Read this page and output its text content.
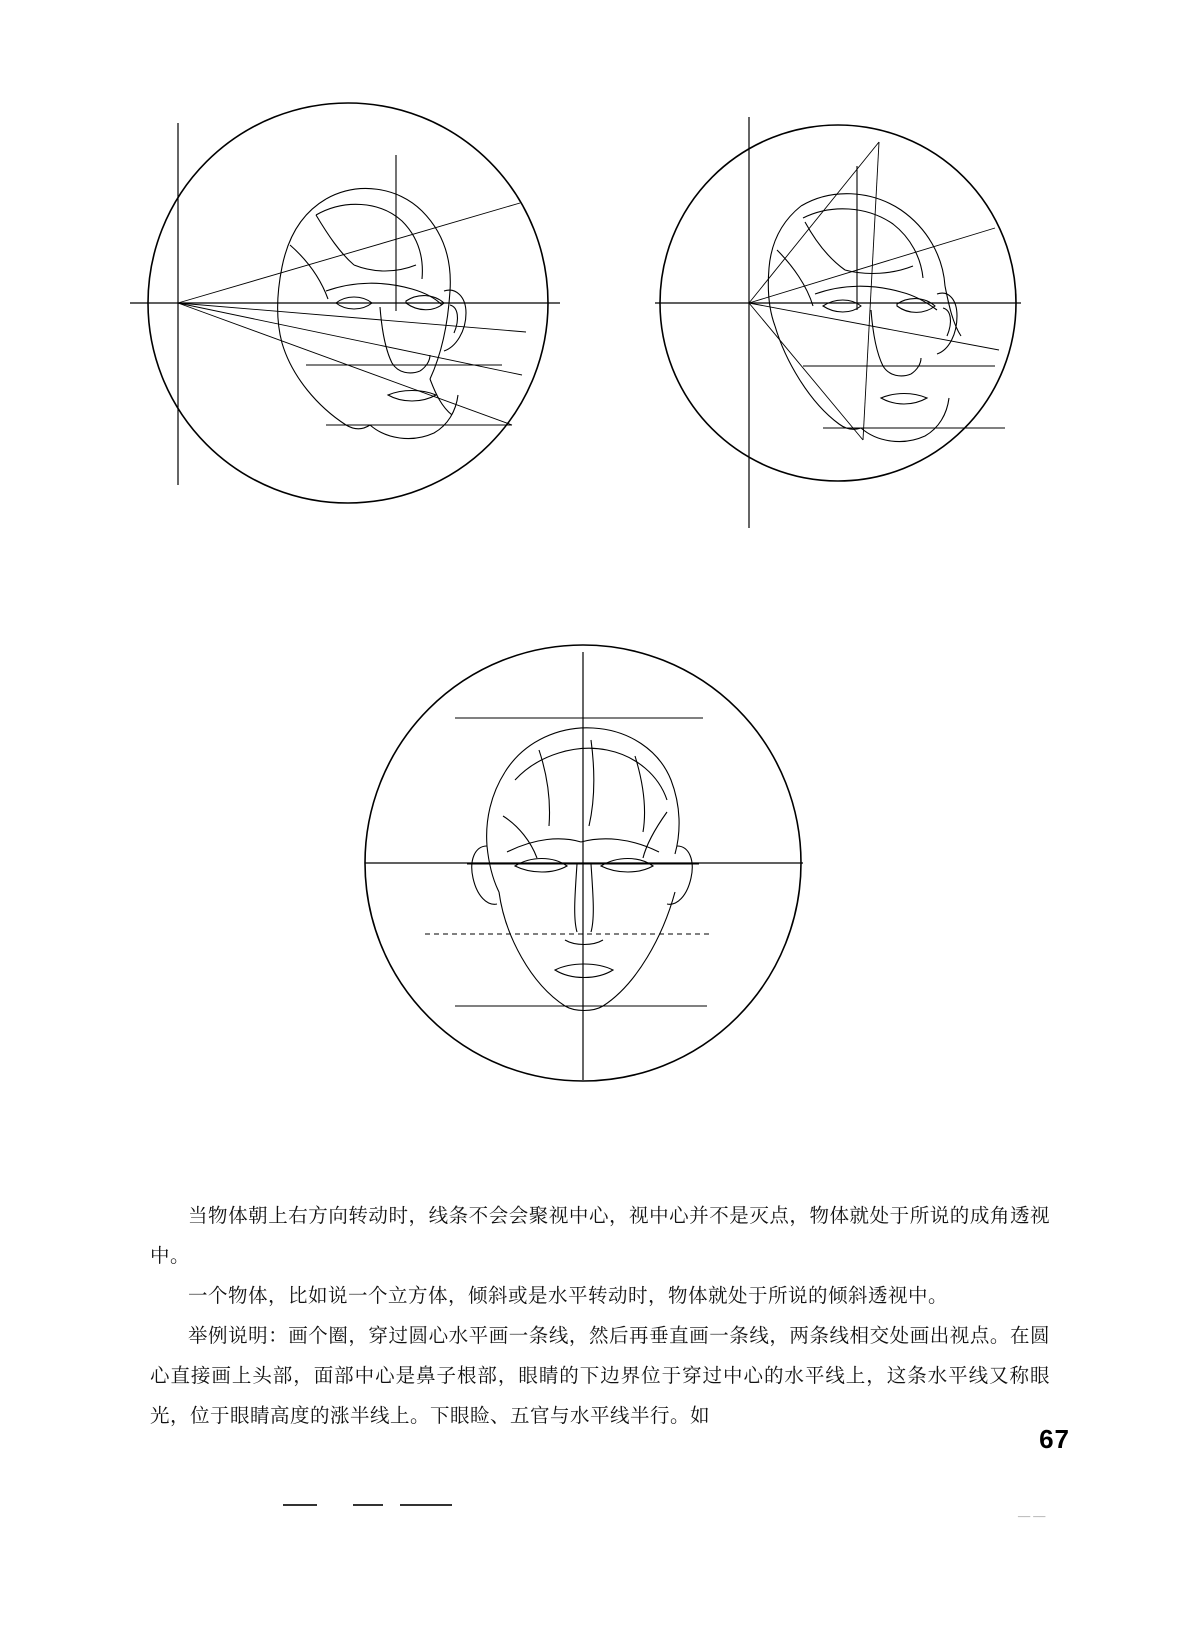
当物体朝上右方向转动时，线条不会会聚视中心，视中心并不是灭点，物体就处于所说的成角透视中。

一个物体，比如说一个立方体，倾斜或是水平转动时，物体就处于所说的倾斜透视中。

举例说明：画个圈，穿过圆心水平画一条线，然后再垂直画一条线，两条线相交处画出视点。在圆心直接画上头部，面部中心是鼻子根部，眼睛的下边界位于穿过中心的水平线上，这条水平线又称眼光，位于眼睛高度的涨半线上。下眼睑、五官与水平线半行。如

67
¯¯ ¯¯
